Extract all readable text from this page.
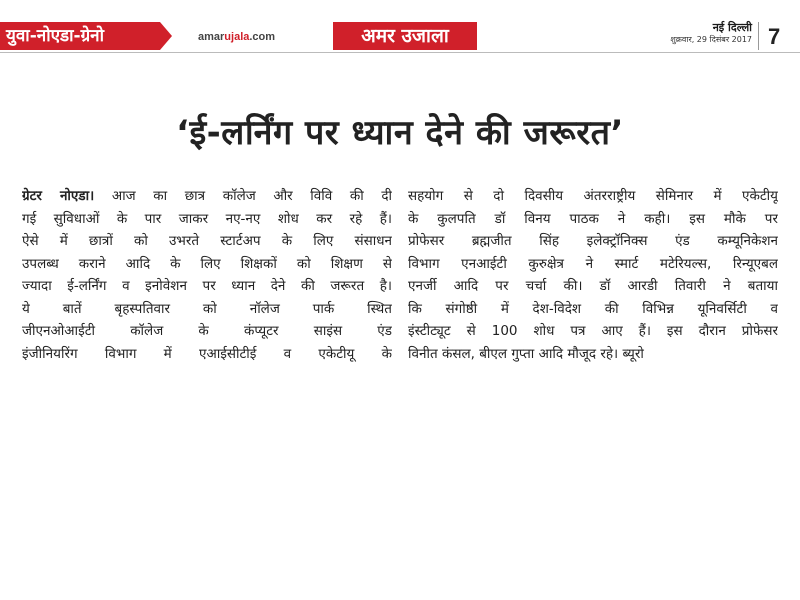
युवा-नोएडा-ग्रेनो	amarujala.com	अमर उजाला	नई दिल्ली
शुक्रवार, 29 दिसंबर 2017 7
‘ई-लर्निंग पर ध्यान देने की जरूरत’
ग्रेटर नोएडा। आज का छात्र कॉलेज और विवि की दी
गई सुविधाओं के पार जाकर नए-नए शोध कर रहे हैं।
ऐसे में छात्रों को उभरते स्टार्टअप के लिए संसाधन
उपलब्ध कराने आदि के लिए शिक्षकों को शिक्षण से
ज्यादा ई-लर्निंग व इनोवेशन पर ध्यान देने की जरूरत है।
ये बातें बृहस्पतिवार को नॉलेज पार्क स्थित
जीएनओआईटी कॉलेज के कंप्यूटर साइंस एंड
इंजीनियरिंग विभाग में एआईसीटीई व एकेटीयू के
सहयोग से दो दिवसीय अंतरराष्ट्रीय सेमिनार में एकेटीयू
के कुलपति डॉ विनय पाठक ने कही। इस मौके पर
प्रोफेसर ब्रह्मजीत सिंह इलेक्ट्रॉनिक्स एंड कम्यूनिकेशन
विभाग एनआईटी कुरुक्षेत्र ने स्मार्ट मटेरियल्स, रिन्यूएबल
एनर्जी आदि पर चर्चा की। डॉ आरडी तिवारी ने बताया
कि संगोष्ठी में देश-विदेश की विभिन्न यूनिवर्सिटी व
इंस्टीट्यूट से 100 शोध पत्र आए हैं। इस दौरान प्रोफेसर
विनीत कंसल, बीएल गुप्ता आदि मौजूद रहे। ब्यूरो
